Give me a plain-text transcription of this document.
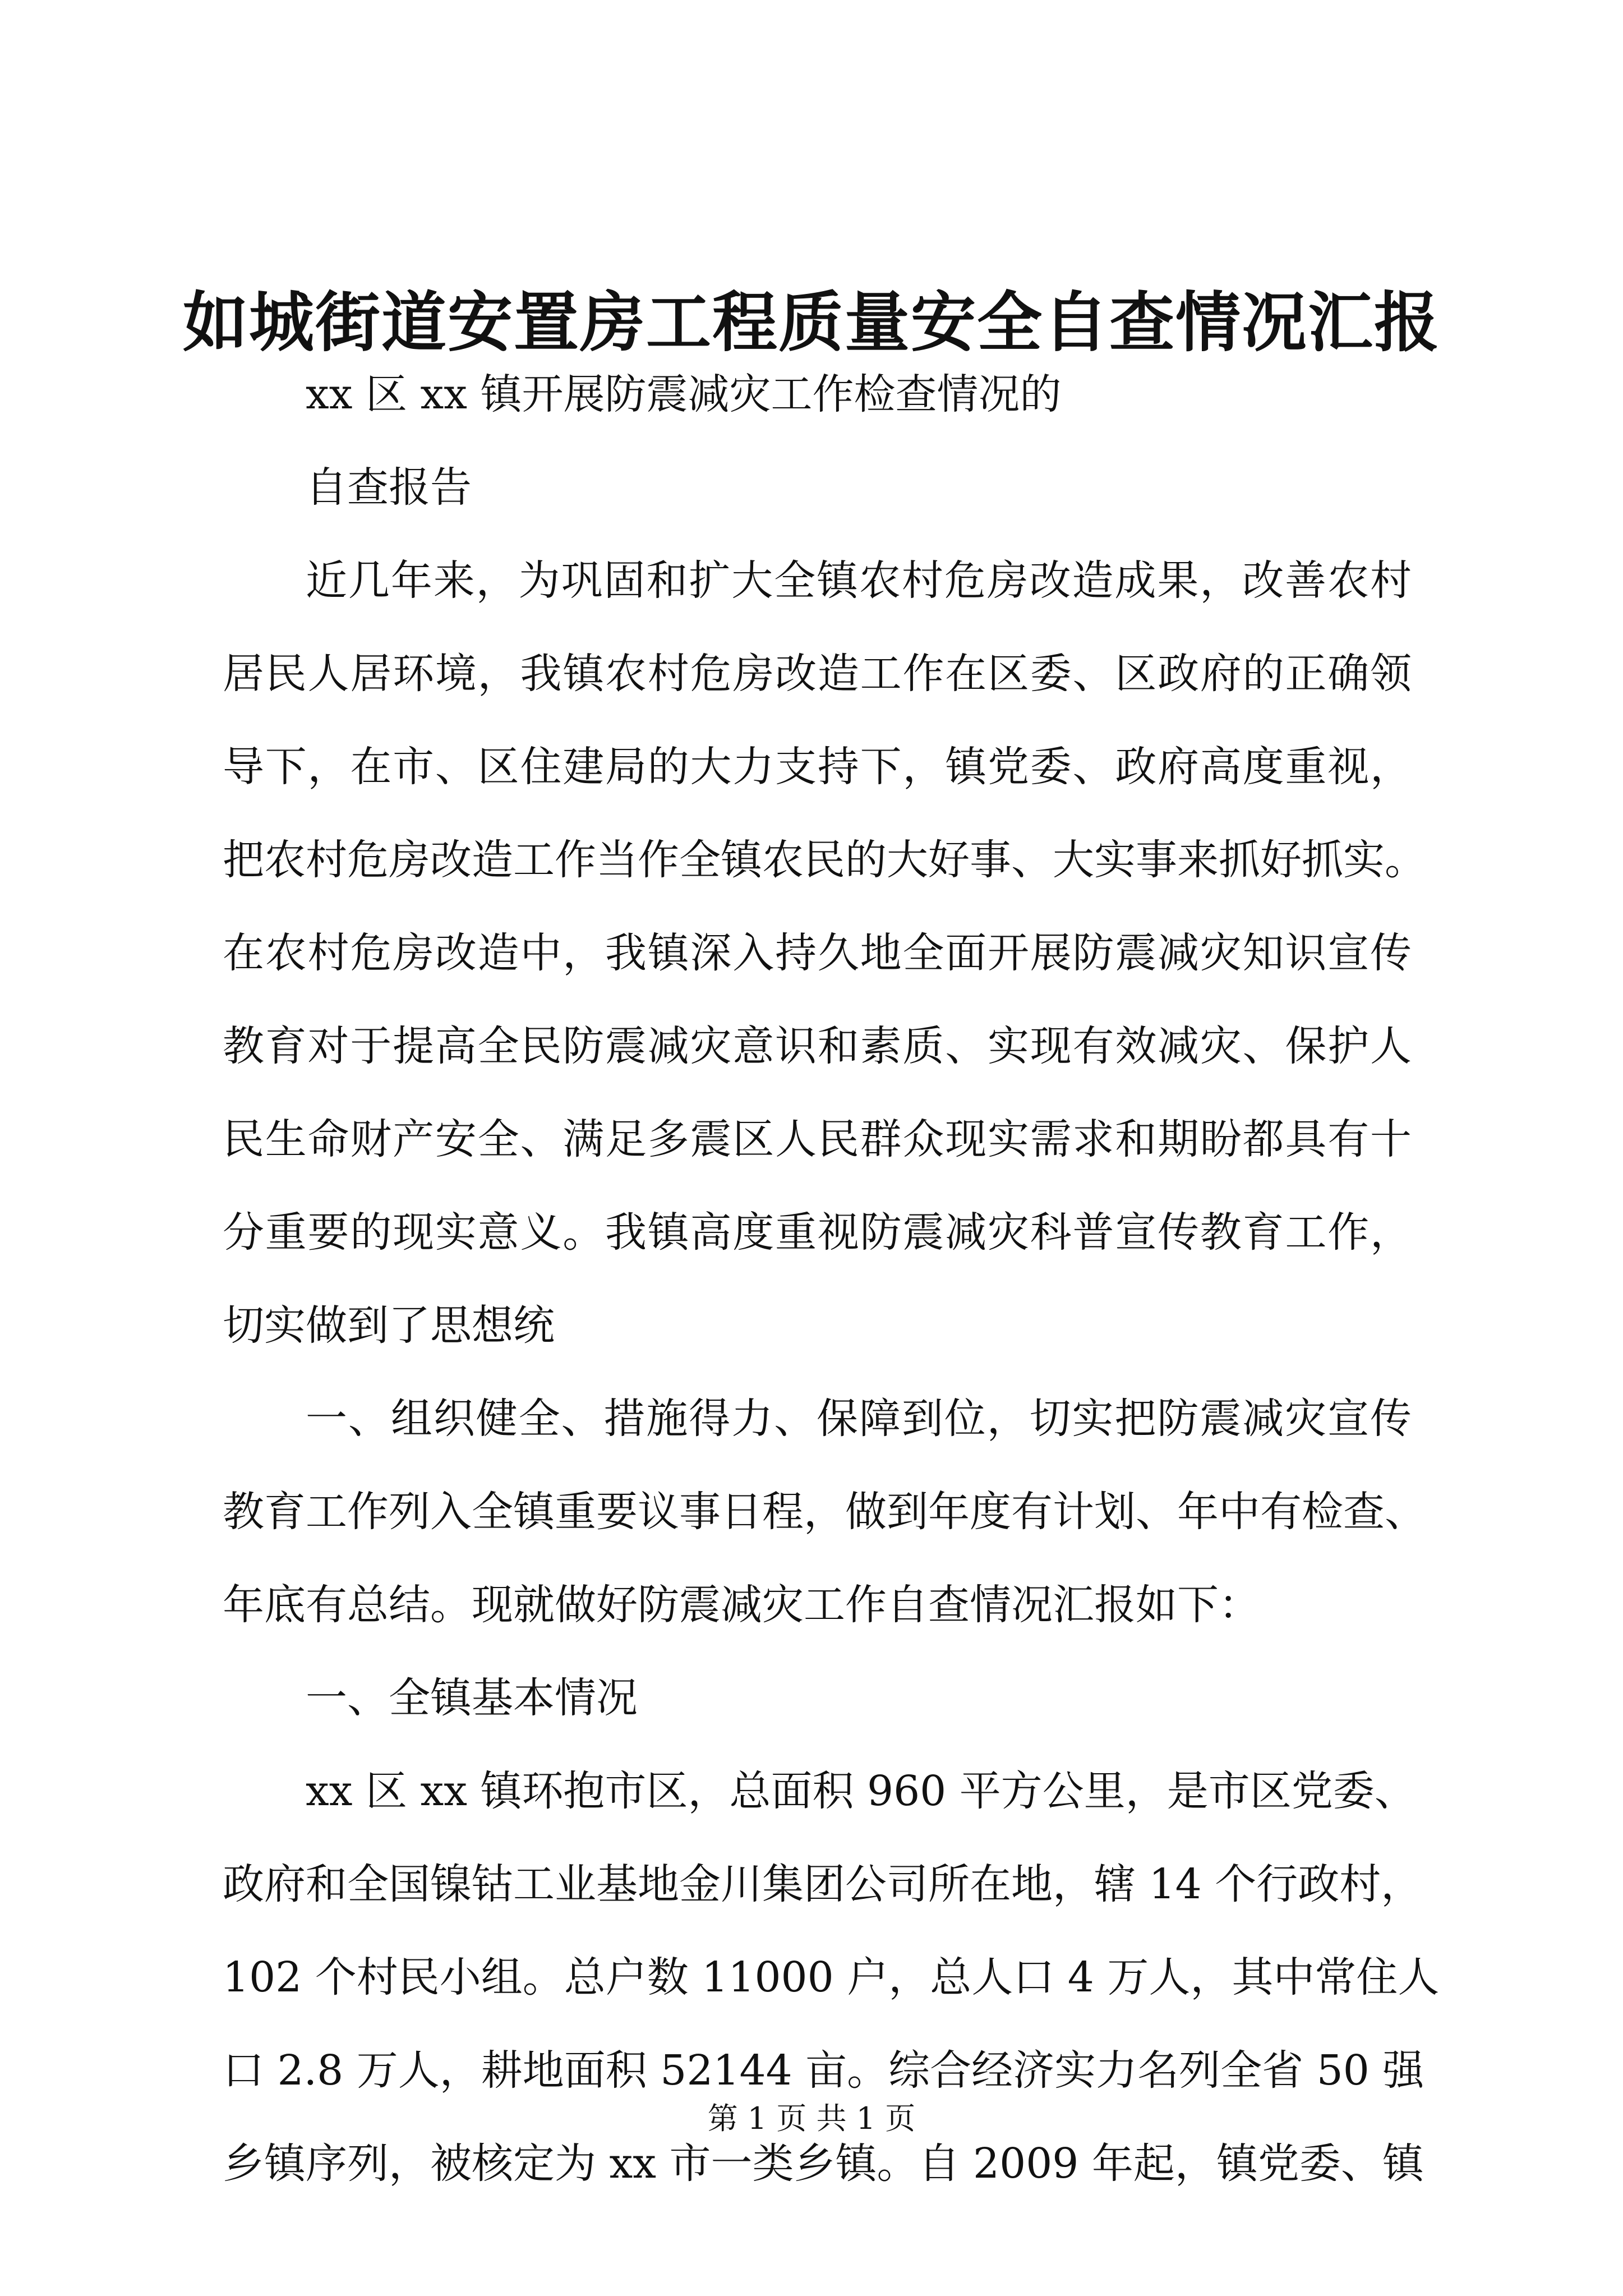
如城街道安置房工程质量安全自查情况汇报
xx 区 xx 镇开展防震减灾工作检查情况的
自查报告
近几年来，为巩固和扩大全镇农村危房改造成果，改善农村
居民人居环境，我镇农村危房改造工作在区委、区政府的正确领
导下，在市、区住建局的大力支持下，镇党委、政府高度重视，
把农村危房改造工作当作全镇农民的大好事、大实事来抓好抓实。
在农村危房改造中，我镇深入持久地全面开展防震减灾知识宣传
教育对于提高全民防震减灾意识和素质、实现有效减灾、保护人
民生命财产安全、满足多震区人民群众现实需求和期盼都具有十
分重要的现实意义。我镇高度重视防震减灾科普宣传教育工作，
切实做到了思想统
一、组织健全、措施得力、保障到位，切实把防震减灾宣传
教育工作列入全镇重要议事日程，做到年度有计划、年中有检查、
年底有总结。现就做好防震减灾工作自查情况汇报如下：
一、全镇基本情况
xx 区 xx 镇环抱市区，总面积 960 平方公里，是市区党委、
政府和全国镍钴工业基地金川集团公司所在地，辖 14 个行政村，
102 个村民小组。总户数 11000 户，总人口 4 万人，其中常住人
口 2.8 万人，耕地面积 52144 亩。综合经济实力名列全省 50 强
乡镇序列，被核定为 xx 市一类乡镇。自 2009 年起，镇党委、镇
第 1 页 共 1 页
